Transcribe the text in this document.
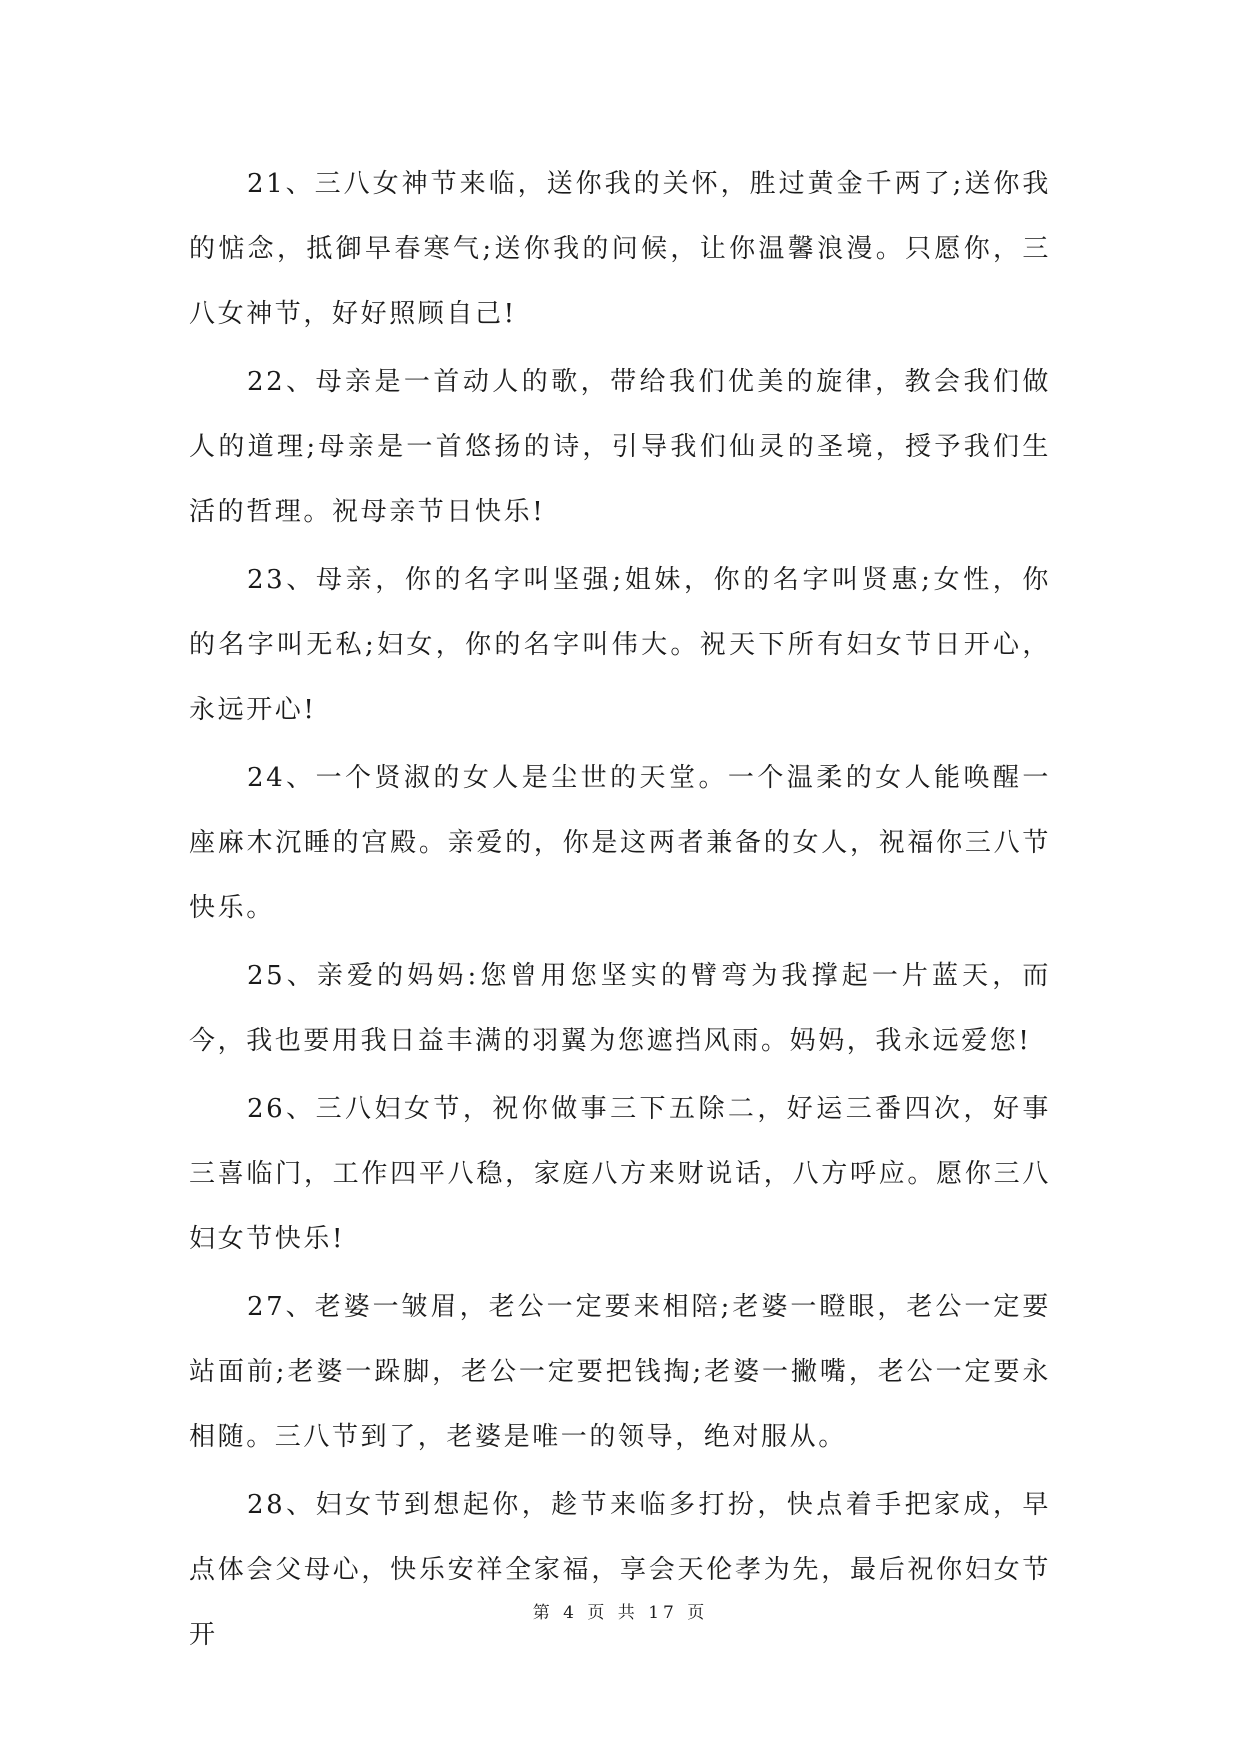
21、三八女神节来临，送你我的关怀，胜过黄金千两了;送你我的惦念，抵御早春寒气;送你我的问候，让你温馨浪漫。只愿你，三八女神节，好好照顾自己!

22、母亲是一首动人的歌，带给我们优美的旋律，教会我们做人的道理;母亲是一首悠扬的诗，引导我们仙灵的圣境，授予我们生活的哲理。祝母亲节日快乐!

23、母亲，你的名字叫坚强;姐妹，你的名字叫贤惠;女性，你的名字叫无私;妇女，你的名字叫伟大。祝天下所有妇女节日开心，永远开心!

24、一个贤淑的女人是尘世的天堂。一个温柔的女人能唤醒一座麻木沉睡的宫殿。亲爱的，你是这两者兼备的女人，祝福你三八节快乐。

25、亲爱的妈妈:您曾用您坚实的臂弯为我撑起一片蓝天，而今，我也要用我日益丰满的羽翼为您遮挡风雨。妈妈，我永远爱您!

26、三八妇女节，祝你做事三下五除二，好运三番四次，好事三喜临门，工作四平八稳，家庭八方来财说话，八方呼应。愿你三八妇女节快乐!

27、老婆一皱眉，老公一定要来相陪;老婆一瞪眼，老公一定要站面前;老婆一跺脚，老公一定要把钱掏;老婆一撇嘴，老公一定要永相随。三八节到了，老婆是唯一的领导，绝对服从。

28、妇女节到想起你，趁节来临多打扮，快点着手把家成，早点体会父母心，快乐安祥全家福，享会天伦孝为先，最后祝你妇女节开

第 4 页 共 17 页
